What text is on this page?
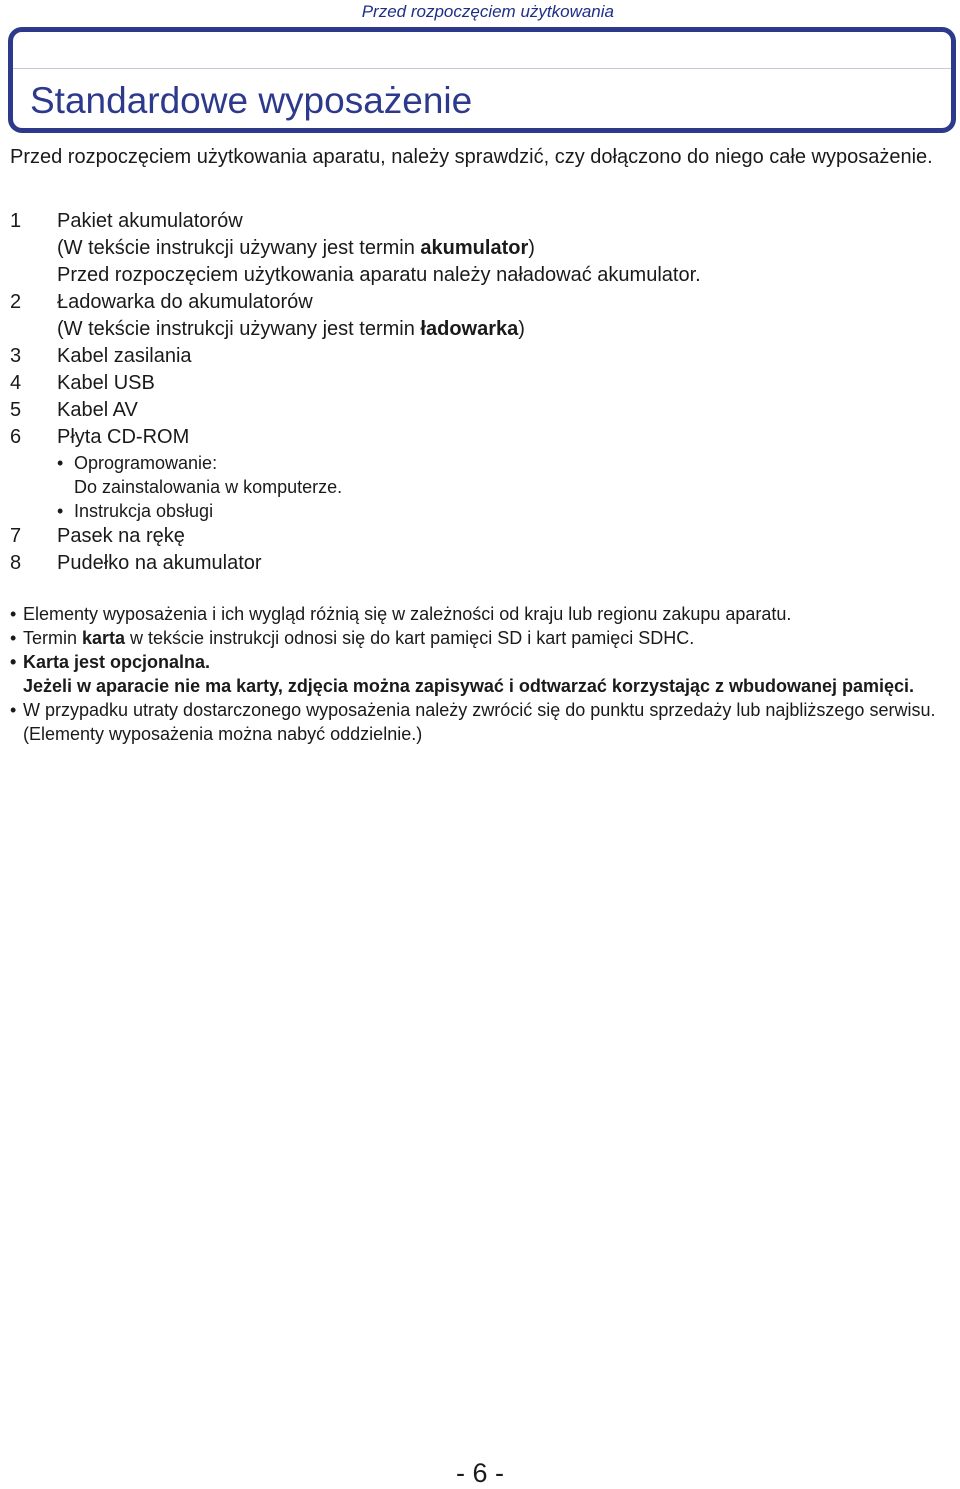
Przed rozpoczęciem użytkowania
Standardowe wyposażenie
Przed rozpoczęciem użytkowania aparatu, należy sprawdzić, czy dołączono do niego całe wyposażenie.
1	Pakiet akumulatorów
(W tekście instrukcji używany jest termin akumulator)
Przed rozpoczęciem użytkowania aparatu należy naładować akumulator.
2	Ładowarka do akumulatorów
(W tekście instrukcji używany jest termin ładowarka)
3	Kabel zasilania
4	Kabel USB
5	Kabel AV
6	Płyta CD-ROM
• Oprogramowanie:
Do zainstalowania w komputerze.
• Instrukcja obsługi
7	Pasek na rękę
8	Pudełko na akumulator
• Elementy wyposażenia i ich wygląd różnią się w zależności od kraju lub regionu zakupu aparatu.
• Termin karta w tekście instrukcji odnosi się do kart pamięci SD i kart pamięci SDHC.
• Karta jest opcjonalna.
Jeżeli w aparacie nie ma karty, zdjęcia można zapisywać i odtwarzać korzystając z wbudowanej pamięci.
• W przypadku utraty dostarczonego wyposażenia należy zwrócić się do punktu sprzedaży lub najbliższego serwisu. (Elementy wyposażenia można nabyć oddzielnie.)
- 6 -
